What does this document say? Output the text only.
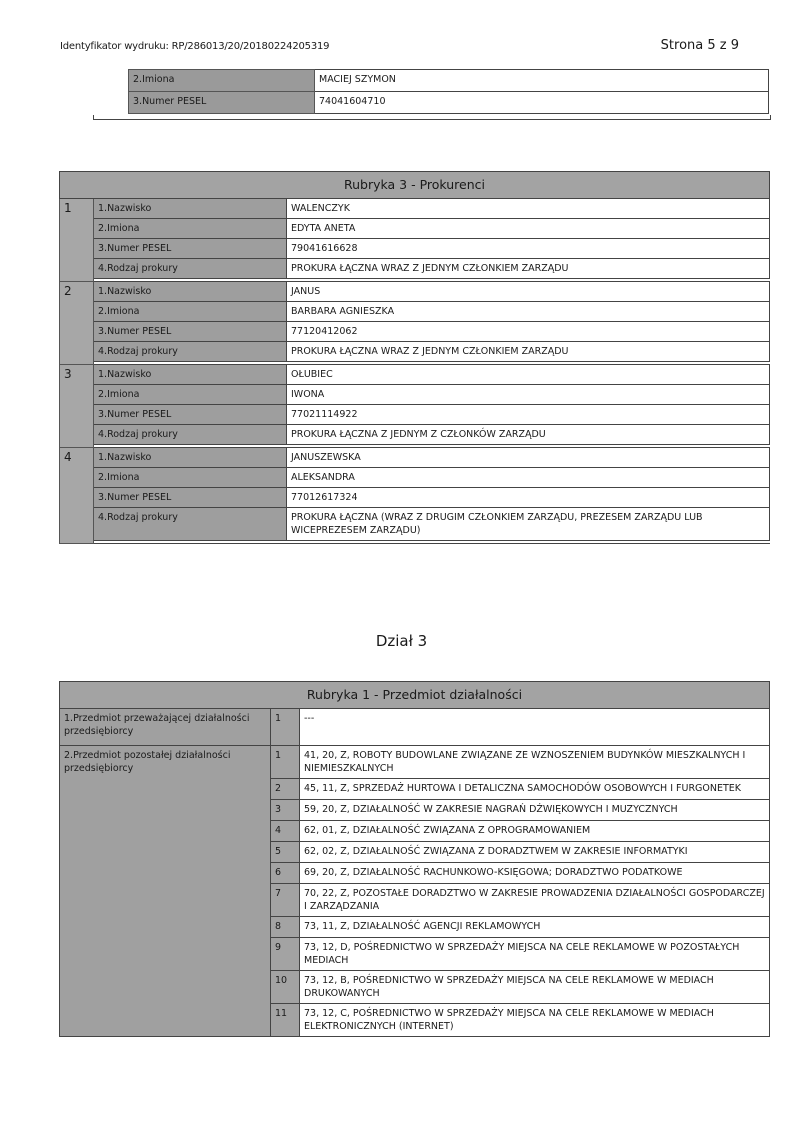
Identyfikator wydruku: RP/286013/20/20180224205319	Strona 5 z 9
2.Imiona	MACIEJ SZYMON
3.Numer PESEL	74041604710
Rubryka 3 - Prokurenci		
1	1.Nazwisko	WALENCZYK
	2.Imiona	EDYTA ANETA
	3.Numer PESEL	79041616628
	4.Rodzaj prokury	PROKURA ŁĄCZNA WRAZ Z JEDNYM CZŁONKIEM ZARZĄDU

2	1.Nazwisko	JANUS
	2.Imiona	BARBARA AGNIESZKA
	3.Numer PESEL	77120412062
	4.Rodzaj prokury	PROKURA ŁĄCZNA WRAZ Z JEDNYM CZŁONKIEM ZARZĄDU

3	1.Nazwisko	OŁUBIEC
	2.Imiona	IWONA
	3.Numer PESEL	77021114922
	4.Rodzaj prokury	PROKURA ŁĄCZNA Z JEDNYM Z CZŁONKÓW ZARZĄDU

4	1.Nazwisko	JANUSZEWSKA
	2.Imiona	ALEKSANDRA
	3.Numer PESEL	77012617324
	4.Rodzaj prokury	PROKURA ŁĄCZNA (WRAZ Z DRUGIM CZŁONKIEM ZARZĄDU, PREZESEM ZARZĄDU LUB WICEPREZESEM ZARZĄDU)

Dział 3
Rubryka 1 - Przedmiot działalności		
1.Przedmiot przeważającej działalności przedsiębiorcy	1	---
2.Przedmiot pozostałej działalności przedsiębiorcy	1	41, 20, Z, ROBOTY BUDOWLANE ZWIĄZANE ZE WZNOSZENIEM BUDYNKÓW MIESZKALNYCH I NIEMIESZKALNYCH
	2	45, 11, Z, SPRZEDAŻ HURTOWA I DETALICZNA SAMOCHODÓW OSOBOWYCH I FURGONETEK
	3	59, 20, Z, DZIAŁALNOŚĆ W ZAKRESIE NAGRAŃ DŹWIĘKOWYCH I MUZYCZNYCH
	4	62, 01, Z, DZIAŁALNOŚĆ ZWIĄZANA Z OPROGRAMOWANIEM
	5	62, 02, Z, DZIAŁALNOŚĆ ZWIĄZANA Z DORADZTWEM W ZAKRESIE INFORMATYKI
	6	69, 20, Z, DZIAŁALNOŚĆ RACHUNKOWO-KSIĘGOWA; DORADZTWO PODATKOWE
	7	70, 22, Z, POZOSTAŁE DORADZTWO W ZAKRESIE PROWADZENIA DZIAŁALNOŚCI GOSPODARCZEJ I ZARZĄDZANIA
	8	73, 11, Z, DZIAŁALNOŚĆ AGENCJI REKLAMOWYCH
	9	73, 12, D, POŚREDNICTWO W SPRZEDAŻY MIEJSCA NA CELE REKLAMOWE W POZOSTAŁYCH MEDIACH
	10	73, 12, B, POŚREDNICTWO W SPRZEDAŻY MIEJSCA NA CELE REKLAMOWE W MEDIACH DRUKOWANYCH
	11	73, 12, C, POŚREDNICTWO W SPRZEDAŻY MIEJSCA NA CELE REKLAMOWE W MEDIACH ELEKTRONICZNYCH (INTERNET)
